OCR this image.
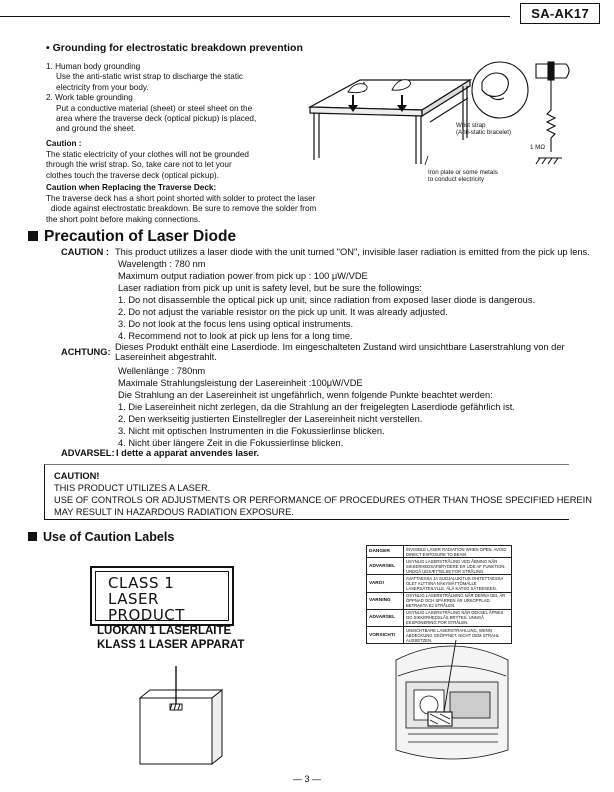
SA-AK17
• Grounding for electrostatic breakdown prevention
1. Human body grounding
Use the anti-static wrist strap to discharge the static
electricity from your body.
2. Work table grounding
Put a conductive material (sheet) or steel sheet on the
area where the traverse deck (optical pickup) is placed,
and ground the sheet.
Caution :
The static electricity of your clothes will not be grounded
through the wrist strap. So, take care not to let your
clothes touch the traverse deck (optical pickup).
Caution when Replacing the Traverse Deck:
The traverse deck has a short point shorted with solder to protect the laser
diode against electrostatic breakdown. Be sure to remove the solder from
the short point before making connections.
Wrist strap
(Anti-static bracelet)
1 MΩ
Iron plate or some metals
to conduct electricity
Precaution of Laser Diode
CAUTION : This product utilizes a laser diode with the unit turned "ON", invisible laser radiation is emitted from the pick up lens.
Wavelength : 780 nm
Maximum output radiation power from pick up : 100 μW/VDE
Laser radiation from pick up unit is safety level, but be sure the followings:
1. Do not disassemble the optical pick up unit, since radiation from exposed laser diode is dangerous.
2. Do not adjust the variable resistor on the pick up unit. It was already adjusted.
3. Do not look at the focus lens using optical instruments.
4. Recommend not to look at pick up lens for a long time.
ACHTUNG: Dieses Produkt enthält eine Laserdiode. Im eingeschalteten Zustand wird unsichtbare Laserstrahlung von der
Lasereinheit abgestrahlt.
Wellenlänge : 780nm
Maximale Strahlungsleistung der Lasereinheit :100μW/VDE
Die Strahlung an der Lasereinheit ist ungefährlich, wenn folgende Punkte beachtet werden:
1. Die Lasereinheit nicht zerlegen, da die Strahlung an der freigelegten Laserdiode gefährlich ist.
2. Den werkseitig justierten Einstellregler der Lasereinheit nicht verstellen.
3. Nicht mit optischen Instrumenten in die Fokussierlinse blicken.
4. Nicht über längere Zeit in die Fokussierlinse blicken.
ADVARSEL: I dette a apparat anvendes laser.
CAUTION!
THIS PRODUCT UTILIZES A LASER.
USE OF CONTROLS OR ADJUSTMENTS OR PERFORMANCE OF PROCEDURES OTHER THAN THOSE SPECIFIED HEREIN
MAY RESULT IN HAZARDOUS RADIATION EXPOSURE.
Use of Caution Labels
CLASS 1
LASER PRODUCT
LUOKAN 1 LASERLAITE
KLASS 1 LASER APPARAT
DANGER	INVISIBLE LASER RADIATION WHEN OPEN. AVOID DIRECT EXPOSURE TO BEAM.
ADVARSEL	USYNLIG LASERSTRÅLING VED ÅBNING NÅR SIKKERHEDSAFBRYDERE ER UDE AF FUNKTION. UNDGÅ UDSÆTTELSE FOR STRÅLING.
VARO!	AVATTAESSA JA SUOJALUKITUS OHITETTAESSA OLET ALTTIINA NÄKYMÄTTÖMÄLLE LASERSÄTEILYLLE. ÄLÄ KATSO SÄTEESEEN.
VARNING	OSYNLIG LASERSTRÅLNING NÄR DENNA DEL ÄR ÖPPNAD OCH SPÄRREN ÄR URKOPPLAD. BETRAKTA EJ STRÅLEN.
ADVARSEL	USYNLIG LASERSTRÅLING NÅR DEKSEL ÅPNES OG SIKKERHEDSLÅS BRYTES. UNNGÅ EKSPONERING FOR STRÅLEN.
VORSICHT!	UNSICHTBARE LASERSTRAHLUNG, WENN ABDECKUNG GEÖFFNET. NICHT DEM STRAHL AUSSETZEN.
— 3 —
